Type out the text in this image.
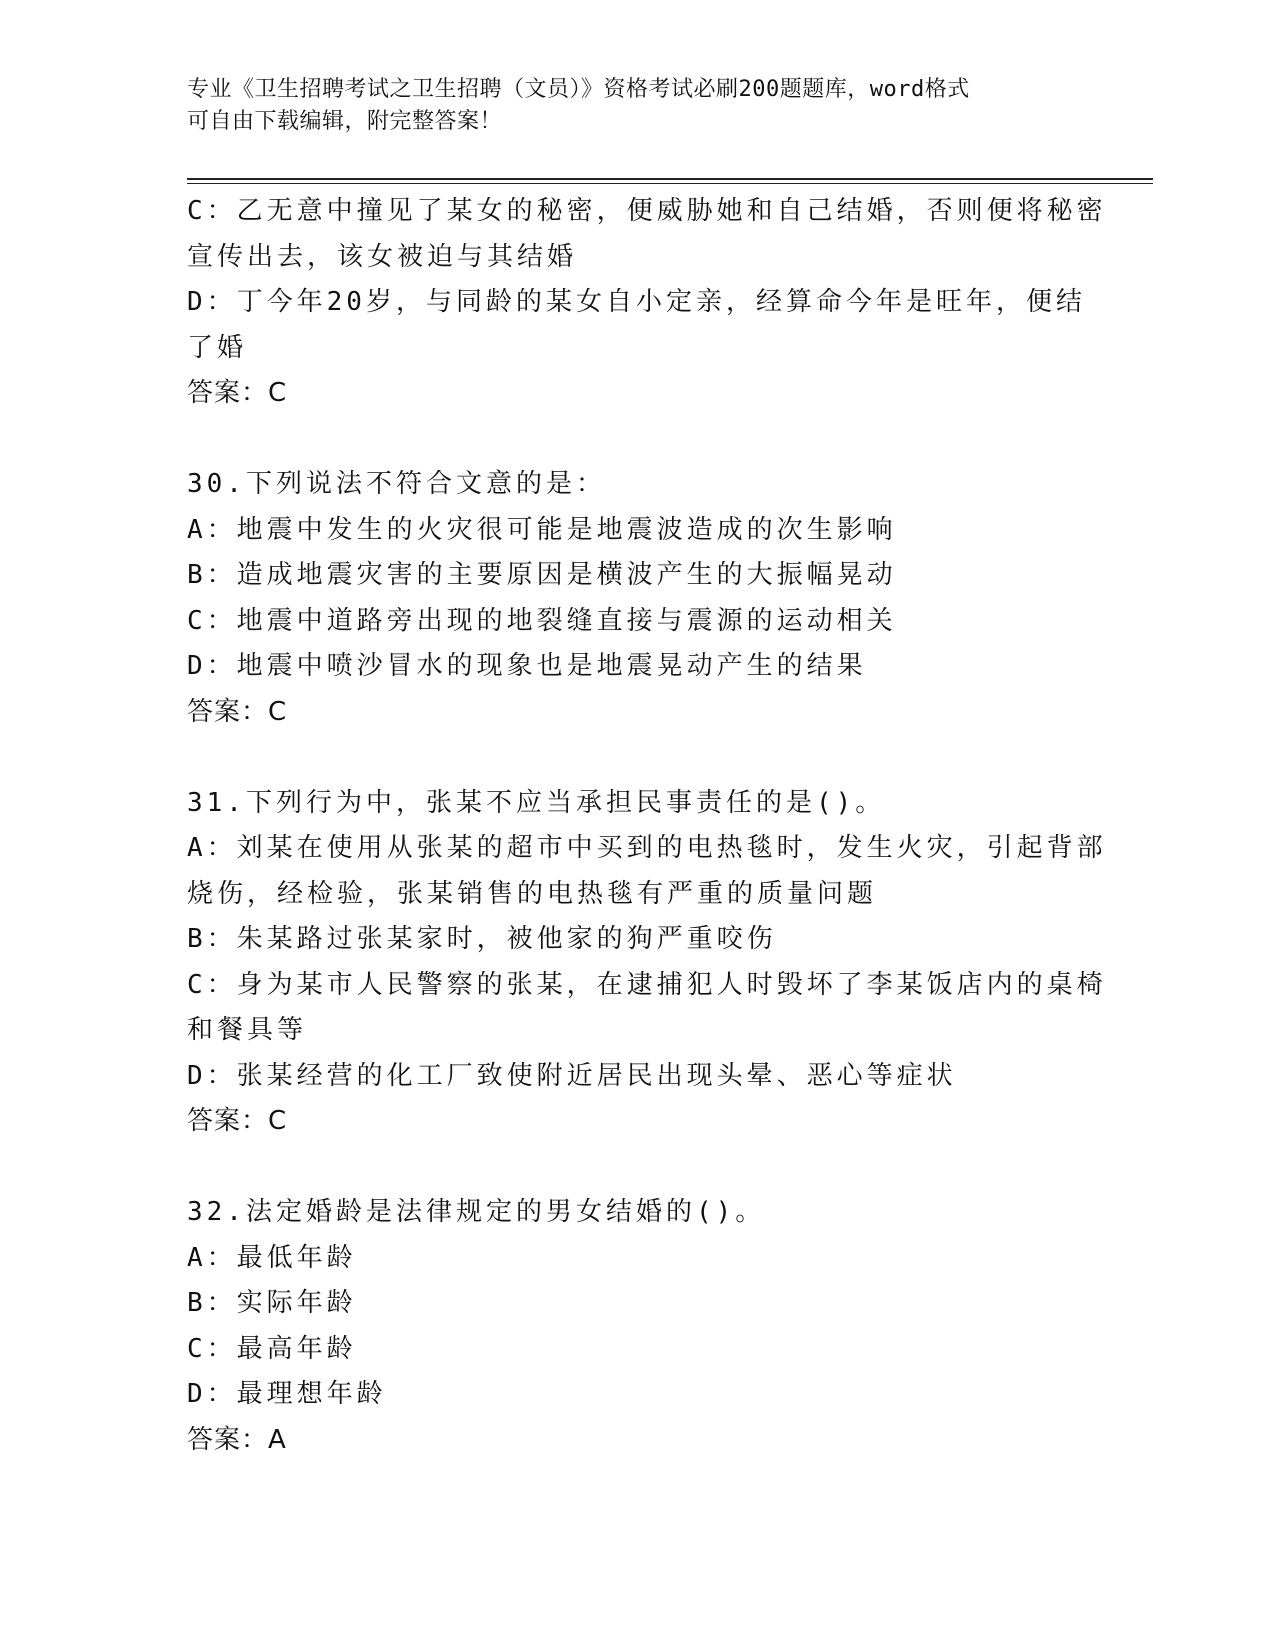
专业《卫生招聘考试之卫生招聘（文员）》资格考试必刷200题题库，word格式
可自由下载编辑，附完整答案！
C：乙无意中撞见了某女的秘密，便威胁她和自己结婚，否则便将秘密
宣传出去，该女被迫与其结婚
D：丁今年20岁，与同龄的某女自小定亲，经算命今年是旺年，便结
了婚
答案：C
30.下列说法不符合文意的是：
A：地震中发生的火灾很可能是地震波造成的次生影响
B：造成地震灾害的主要原因是横波产生的大振幅晃动
C：地震中道路旁出现的地裂缝直接与震源的运动相关
D：地震中喷沙冒水的现象也是地震晃动产生的结果
答案：C
31.下列行为中，张某不应当承担民事责任的是()。
A：刘某在使用从张某的超市中买到的电热毯时，发生火灾，引起背部
烧伤，经检验，张某销售的电热毯有严重的质量问题
B：朱某路过张某家时，被他家的狗严重咬伤
C：身为某市人民警察的张某，在逮捕犯人时毁坏了李某饭店内的桌椅
和餐具等
D：张某经营的化工厂致使附近居民出现头晕、恶心等症状
答案：C
32.法定婚龄是法律规定的男女结婚的()。
A：最低年龄
B：实际年龄
C：最高年龄
D：最理想年龄
答案：A
